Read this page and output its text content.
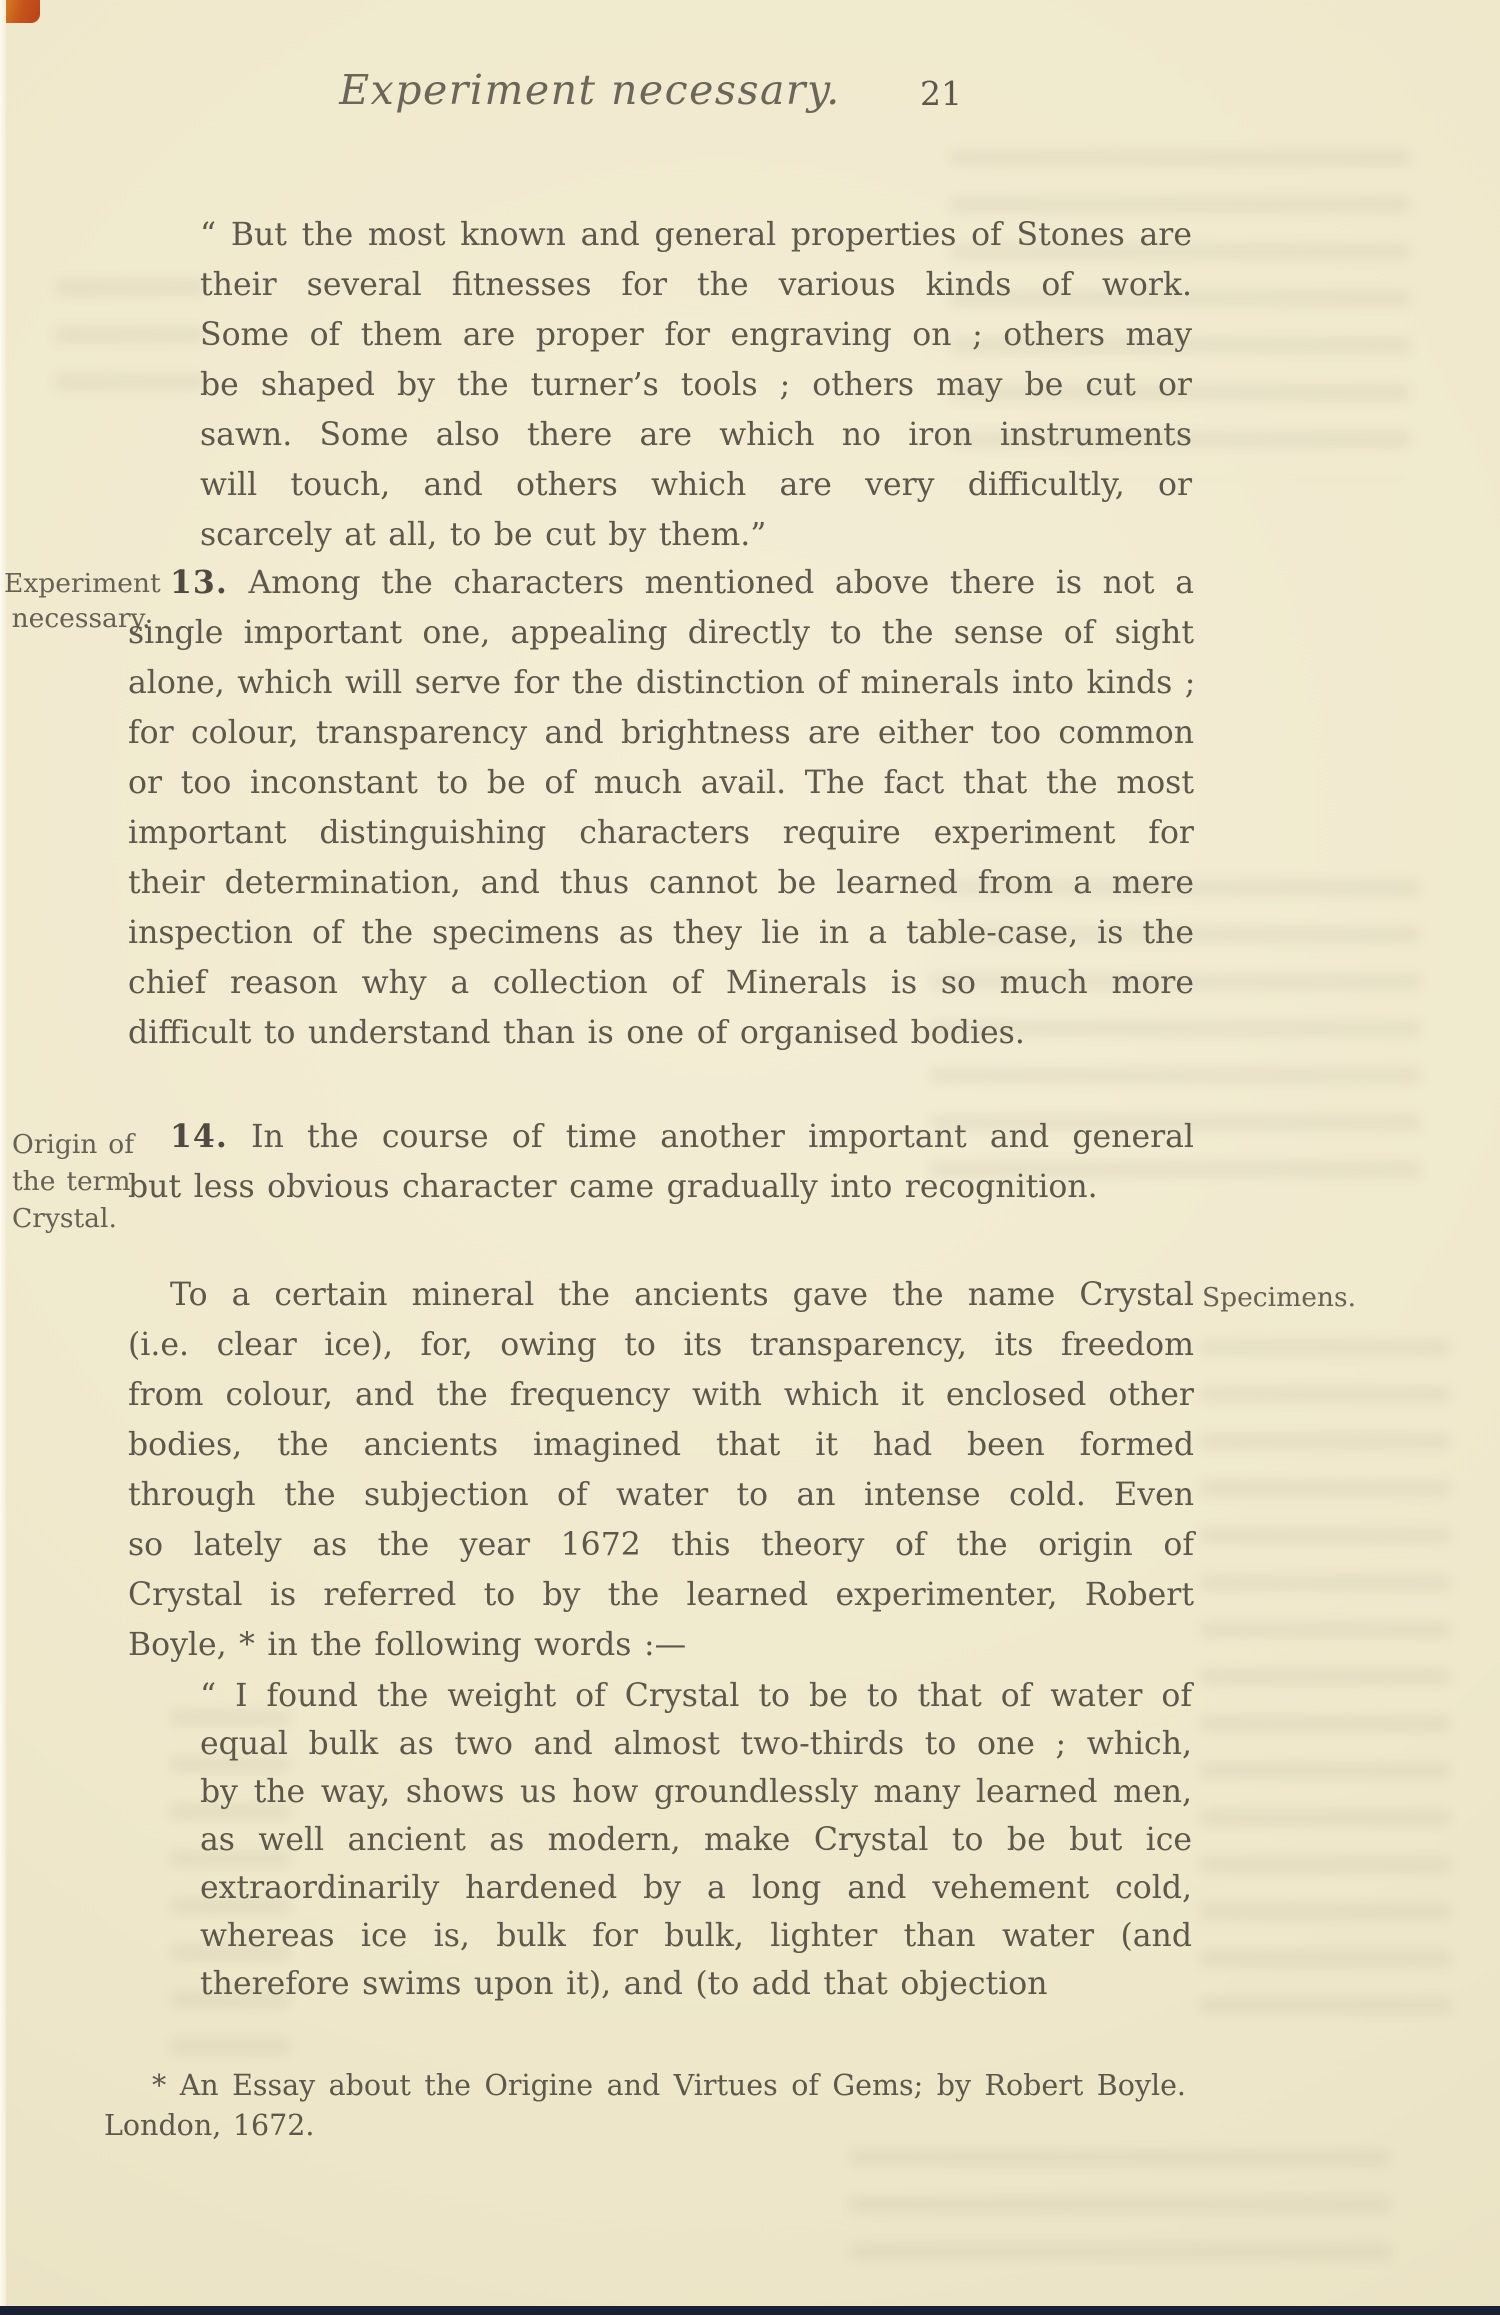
Experiment necessary.	21
“ But the most known and general properties of Stones are
their several fitnesses for the various kinds of work.
Some of them are proper for engraving on ; others may
be shaped by the turner’s tools ; others may be cut or
sawn. Some also there are which no iron instruments
will touch, and others which are very difficultly, or
scarcely at all, to be cut by them.”
Experiment
necessary.
13. Among the characters mentioned above there is not a
single important one, appealing directly to the sense of sight
alone, which will serve for the distinction of minerals into kinds ;
for colour, transparency and brightness are either too common
or too inconstant to be of much avail. The fact that the most
important distinguishing characters require experiment for
their determination, and thus cannot be learned from a mere
inspection of the specimens as they lie in a table-case, is the
chief reason why a collection of Minerals is so much more
difficult to understand than is one of organised bodies.
Origin of
the term
Crystal.
14. In the course of time another important and general
but less obvious character came gradually into recognition.
To a certain mineral the ancients gave the name Crystal
(i.e. clear ice), for, owing to its transparency, its freedom
from colour, and the frequency with which it enclosed other
bodies, the ancients imagined that it had been formed
through the subjection of water to an intense cold. Even
so lately as the year 1672 this theory of the origin of
Crystal is referred to by the learned experimenter, Robert
Boyle, * in the following words :—
Specimens.
“ I found the weight of Crystal to be to that of water of
equal bulk as two and almost two-thirds to one ; which,
by the way, shows us how groundlessly many learned men,
as well ancient as modern, make Crystal to be but ice
extraordinarily hardened by a long and vehement cold,
whereas ice is, bulk for bulk, lighter than water (and
therefore swims upon it), and (to add that objection
* An Essay about the Origine and Virtues of Gems; by Robert Boyle.
London, 1672.
